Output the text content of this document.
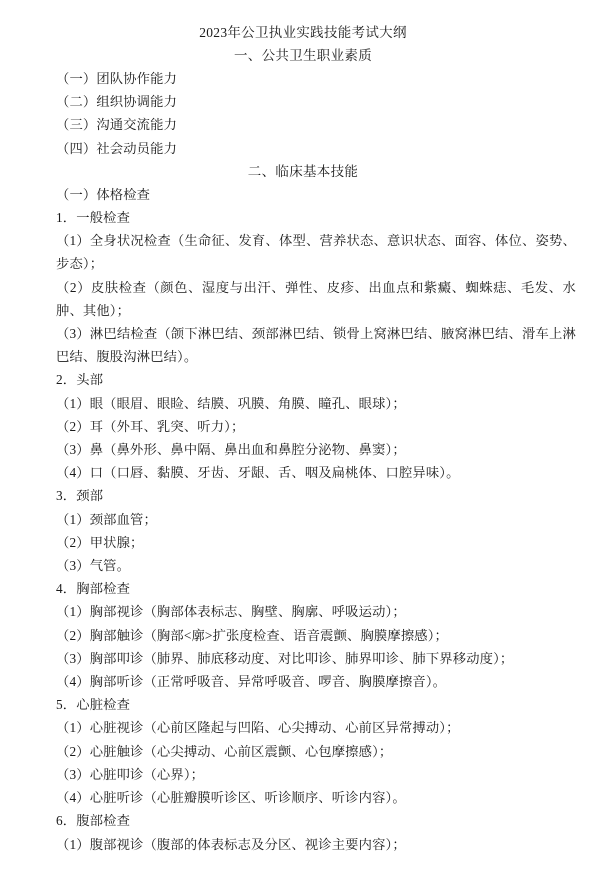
2023年公卫执业实践技能考试大纲
一、公共卫生职业素质
（一）团队协作能力
（二）组织协调能力
（三）沟通交流能力
（四）社会动员能力
二、临床基本技能
（一）体格检查
1．一般检查
（1）全身状况检查（生命征、发育、体型、营养状态、意识状态、面容、体位、姿势、步态）；
（2）皮肤检查（颜色、湿度与出汗、弹性、皮疹、出血点和紫癜、蜘蛛痣、毛发、水肿、其他）；
（3）淋巴结检查（颌下淋巴结、颈部淋巴结、锁骨上窝淋巴结、腋窝淋巴结、滑车上淋巴结、腹股沟淋巴结）。
2．头部
（1）眼（眼眉、眼睑、结膜、巩膜、角膜、瞳孔、眼球）；
（2）耳（外耳、乳突、听力）；
（3）鼻（鼻外形、鼻中隔、鼻出血和鼻腔分泌物、鼻窦）；
（4）口（口唇、黏膜、牙齿、牙龈、舌、咽及扁桃体、口腔异味）。
3．颈部
（1）颈部血管；
（2）甲状腺；
（3）气管。
4．胸部检查
（1）胸部视诊（胸部体表标志、胸壁、胸廓、呼吸运动）；
（2）胸部触诊（胸部<廓>扩张度检查、语音震颤、胸膜摩擦感）；
（3）胸部叩诊（肺界、肺底移动度、对比叩诊、肺界叩诊、肺下界移动度）；
（4）胸部听诊（正常呼吸音、异常呼吸音、啰音、胸膜摩擦音）。
5．心脏检查
（1）心脏视诊（心前区隆起与凹陷、心尖搏动、心前区异常搏动）；
（2）心脏触诊（心尖搏动、心前区震颤、心包摩擦感）；
（3）心脏叩诊（心界）；
（4）心脏听诊（心脏瓣膜听诊区、听诊顺序、听诊内容）。
6．腹部检查
（1）腹部视诊（腹部的体表标志及分区、视诊主要内容）；
